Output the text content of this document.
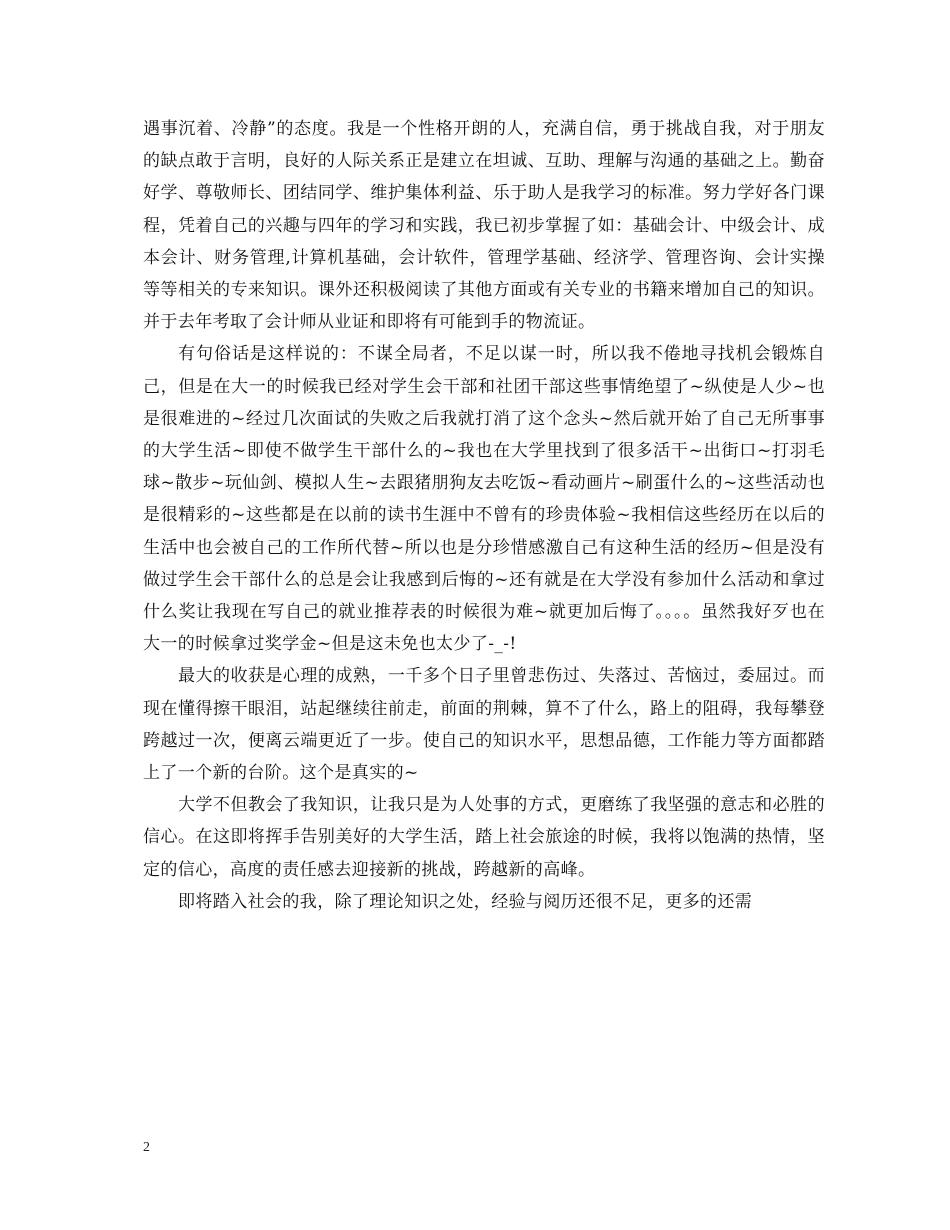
遇事沉着、冷静”的态度。我是一个性格开朗的人，充满自信，勇于挑战自我，对于朋友的缺点敢于言明，良好的人际关系正是建立在坦诚、互助、理解与沟通的基础之上。勤奋好学、尊敬师长、团结同学、维护集体利益、乐于助人是我学习的标准。努力学好各门课程，凭着自己的兴趣与四年的学习和实践，我已初步掌握了如：基础会计、中级会计、成本会计、财务管理,计算机基础，会计软件，管理学基础、经济学、管理咨询、会计实操等等相关的专来知识。课外还积极阅读了其他方面或有关专业的书籍来增加自己的知识。并于去年考取了会计师从业证和即将有可能到手的物流证。

有句俗话是这样说的：不谋全局者，不足以谋一时，所以我不倦地寻找机会锻炼自己，但是在大一的时候我已经对学生会干部和社团干部这些事情绝望了~纵使是人少~也是很难进的~经过几次面试的失败之后我就打消了这个念头~然后就开始了自己无所事事的大学生活~即使不做学生干部什么的~我也在大学里找到了很多活干~出街口~打羽毛球~散步~玩仙剑、模拟人生~去跟猪朋狗友去吃饭~看动画片~刷蛋什么的~这些活动也是很精彩的~这些都是在以前的读书生涯中不曾有的珍贵体验~我相信这些经历在以后的生活中也会被自己的工作所代替~所以也是分珍惜感激自己有这种生活的经历~但是没有做过学生会干部什么的总是会让我感到后悔的~还有就是在大学没有参加什么活动和拿过什么奖让我现在写自己的就业推荐表的时候很为难~就更加后悔了。。。。虽然我好歹也在大一的时候拿过奖学金~但是这未免也太少了-_-!

最大的收获是心理的成熟，一千多个日子里曾悲伤过、失落过、苦恼过，委屈过。而现在懂得擦干眼泪，站起继续往前走，前面的荆棘，算不了什么，路上的阻碍，我每攀登跨越过一次，便离云端更近了一步。使自己的知识水平，思想品德，工作能力等方面都踏上了一个新的台阶。这个是真实的~

大学不但教会了我知识，让我只是为人处事的方式，更磨练了我坚强的意志和必胜的信心。在这即将挥手告别美好的大学生活，踏上社会旅途的时候，我将以饱满的热情，坚定的信心，高度的责任感去迎接新的挑战，跨越新的高峰。

即将踏入社会的我，除了理论知识之处，经验与阅历还很不足，更多的还需

2
